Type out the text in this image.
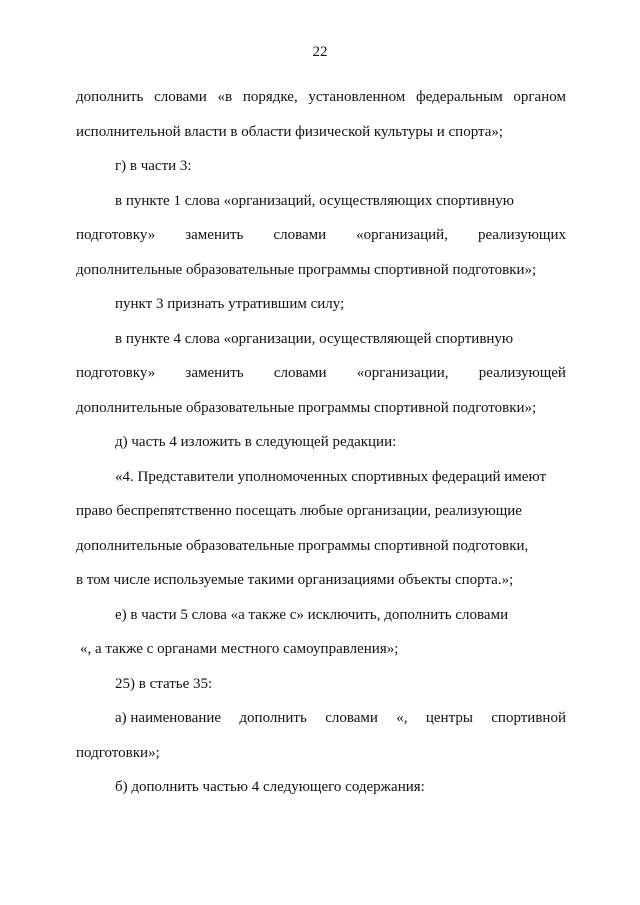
22
дополнить словами «в порядке, установленном федеральным органом
исполнительной власти в области физической культуры и спорта»;
г) в части 3:
в пункте 1 слова «организаций, осуществляющих спортивную
подготовку» заменить словами «организаций, реализующих
дополнительные образовательные программы спортивной подготовки»;
пункт 3 признать утратившим силу;
в пункте 4 слова «организации, осуществляющей спортивную
подготовку» заменить словами «организации, реализующей
дополнительные образовательные программы спортивной подготовки»;
д) часть 4 изложить в следующей редакции:
«4. Представители уполномоченных спортивных федераций имеют
право беспрепятственно посещать любые организации, реализующие
дополнительные образовательные программы спортивной подготовки,
в том числе используемые такими организациями объекты спорта.»;
е) в части 5 слова «а также с» исключить, дополнить словами
«, а также с органами местного самоуправления»;
25) в статье 35:
а) наименование дополнить словами «, центры спортивной
подготовки»;
б) дополнить частью 4 следующего содержания:
